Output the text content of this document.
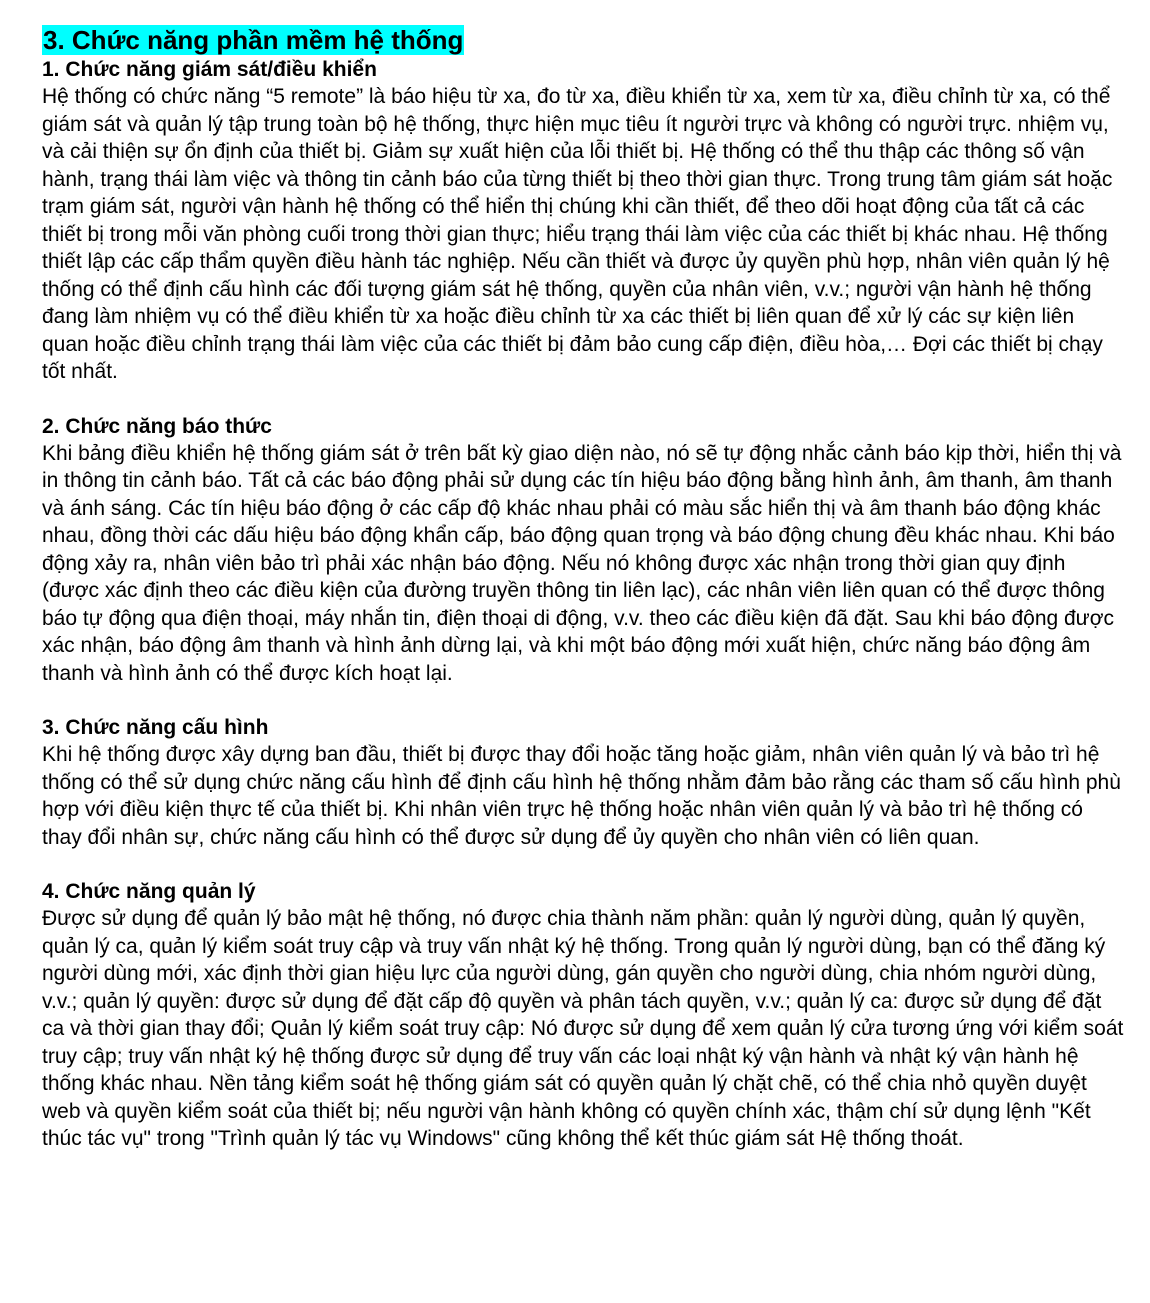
3. Chức năng phần mềm hệ thống
1. Chức năng giám sát/điều khiển

Hệ thống có chức năng “5 remote” là báo hiệu từ xa, đo từ xa, điều khiển từ xa, xem từ xa, điều chỉnh từ xa, có thể giám sát và quản lý tập trung toàn bộ hệ thống, thực hiện mục tiêu ít người trực và không có người trực. nhiệm vụ, và cải thiện sự ổn định của thiết bị. Giảm sự xuất hiện của lỗi thiết bị. Hệ thống có thể thu thập các thông số vận hành, trạng thái làm việc và thông tin cảnh báo của từng thiết bị theo thời gian thực. Trong trung tâm giám sát hoặc trạm giám sát, người vận hành hệ thống có thể hiển thị chúng khi cần thiết, để theo dõi hoạt động của tất cả các thiết bị trong mỗi văn phòng cuối trong thời gian thực; hiểu trạng thái làm việc của các thiết bị khác nhau. Hệ thống thiết lập các cấp thẩm quyền điều hành tác nghiệp. Nếu cần thiết và được ủy quyền phù hợp, nhân viên quản lý hệ thống có thể định cấu hình các đối tượng giám sát hệ thống, quyền của nhân viên, v.v.; người vận hành hệ thống đang làm nhiệm vụ có thể điều khiển từ xa hoặc điều chỉnh từ xa các thiết bị liên quan để xử lý các sự kiện liên quan hoặc điều chỉnh trạng thái làm việc của các thiết bị đảm bảo cung cấp điện, điều hòa,… Đợi các thiết bị chạy tốt nhất.

2. Chức năng báo thức

Khi bảng điều khiển hệ thống giám sát ở trên bất kỳ giao diện nào, nó sẽ tự động nhắc cảnh báo kịp thời, hiển thị và in thông tin cảnh báo. Tất cả các báo động phải sử dụng các tín hiệu báo động bằng hình ảnh, âm thanh, âm thanh và ánh sáng. Các tín hiệu báo động ở các cấp độ khác nhau phải có màu sắc hiển thị và âm thanh báo động khác nhau, đồng thời các dấu hiệu báo động khẩn cấp, báo động quan trọng và báo động chung đều khác nhau. Khi báo động xảy ra, nhân viên bảo trì phải xác nhận báo động. Nếu nó không được xác nhận trong thời gian quy định (được xác định theo các điều kiện của đường truyền thông tin liên lạc), các nhân viên liên quan có thể được thông báo tự động qua điện thoại, máy nhắn tin, điện thoại di động, v.v. theo các điều kiện đã đặt. Sau khi báo động được xác nhận, báo động âm thanh và hình ảnh dừng lại, và khi một báo động mới xuất hiện, chức năng báo động âm thanh và hình ảnh có thể được kích hoạt lại.

3. Chức năng cấu hình

Khi hệ thống được xây dựng ban đầu, thiết bị được thay đổi hoặc tăng hoặc giảm, nhân viên quản lý và bảo trì hệ thống có thể sử dụng chức năng cấu hình để định cấu hình hệ thống nhằm đảm bảo rằng các tham số cấu hình phù hợp với điều kiện thực tế của thiết bị. Khi nhân viên trực hệ thống hoặc nhân viên quản lý và bảo trì hệ thống có thay đổi nhân sự, chức năng cấu hình có thể được sử dụng để ủy quyền cho nhân viên có liên quan.

4. Chức năng quản lý

Được sử dụng để quản lý bảo mật hệ thống, nó được chia thành năm phần: quản lý người dùng, quản lý quyền, quản lý ca, quản lý kiểm soát truy cập và truy vấn nhật ký hệ thống. Trong quản lý người dùng, bạn có thể đăng ký người dùng mới, xác định thời gian hiệu lực của người dùng, gán quyền cho người dùng, chia nhóm người dùng, v.v.; quản lý quyền: được sử dụng để đặt cấp độ quyền và phân tách quyền, v.v.; quản lý ca: được sử dụng để đặt ca và thời gian thay đổi; Quản lý kiểm soát truy cập: Nó được sử dụng để xem quản lý cửa tương ứng với kiểm soát truy cập; truy vấn nhật ký hệ thống được sử dụng để truy vấn các loại nhật ký vận hành và nhật ký vận hành hệ thống khác nhau. Nền tảng kiểm soát hệ thống giám sát có quyền quản lý chặt chẽ, có thể chia nhỏ quyền duyệt web và quyền kiểm soát của thiết bị; nếu người vận hành không có quyền chính xác, thậm chí sử dụng lệnh "Kết thúc tác vụ" trong "Trình quản lý tác vụ Windows" cũng không thể kết thúc giám sát Hệ thống thoát.
